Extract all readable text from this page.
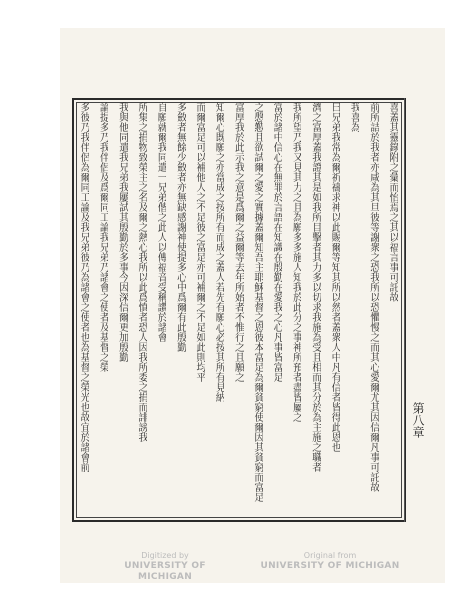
喜蓋其靈錄附之彙而怡焉之其以福言事可託故
前所詰於我者亦咸為其旦彼等謝衆之恐我所以恐懼慢之而其心愛爾尤其因信爾凡事可託故
我喜為
曰兄弟我常為爾祈禱求神以此賜爾等知其所以然者蓋衆人中凡有信者皆得此恩也
濟之富厚蓋我證其是如我所目擊者其力多以切求我施為受且相而其分於為主施之職者
我所望乃我又見其力之且為願多多施人知我於此分之事神所預者盡皆屬之
富於諸中信心在無罪於言語在知識在殷勤在愛我之心凡事皆富足
之慇懃且欲試爾之愛之實據蓋爾知吾主耶穌基督之恩彼本富足為爾貧窮使爾因其貧窮而富足
富厚我於此示我之意是爲爾之益爾等去年所始者不惟行之且願之
知爾心既願之亦當成之按所有而成之蓋人若先有願心必按其所有見納
而爾富足可以補他人之不足彼之富足亦可補爾之不足如此則均平
多斂者無餘少斂者亦無缺感謝神使提多心中爲爾有此殷勤
自願就爾我同遣一兄弟偕之此人以傳福音受稱讚於諸會
所集之捐物致榮主之名及爾之熱心我所以此爲慎者恐人因我所委之捐而誹謗我
我與他同遣我兄弟我屢試其殷勤於多事今因深信爾更加殷勤
論提多乃我伴侶及爲爾同工論我兄弟乃諸會之使者及基督之榮
多彼乃我伴侶為爾同工論及我兄弟彼乃為諸會之使者也為基督之榮光也故宜於諸會前	第八章
Digitized by
UNIVERSITY OF MICHIGAN
Original from
UNIVERSITY OF MICHIGAN
